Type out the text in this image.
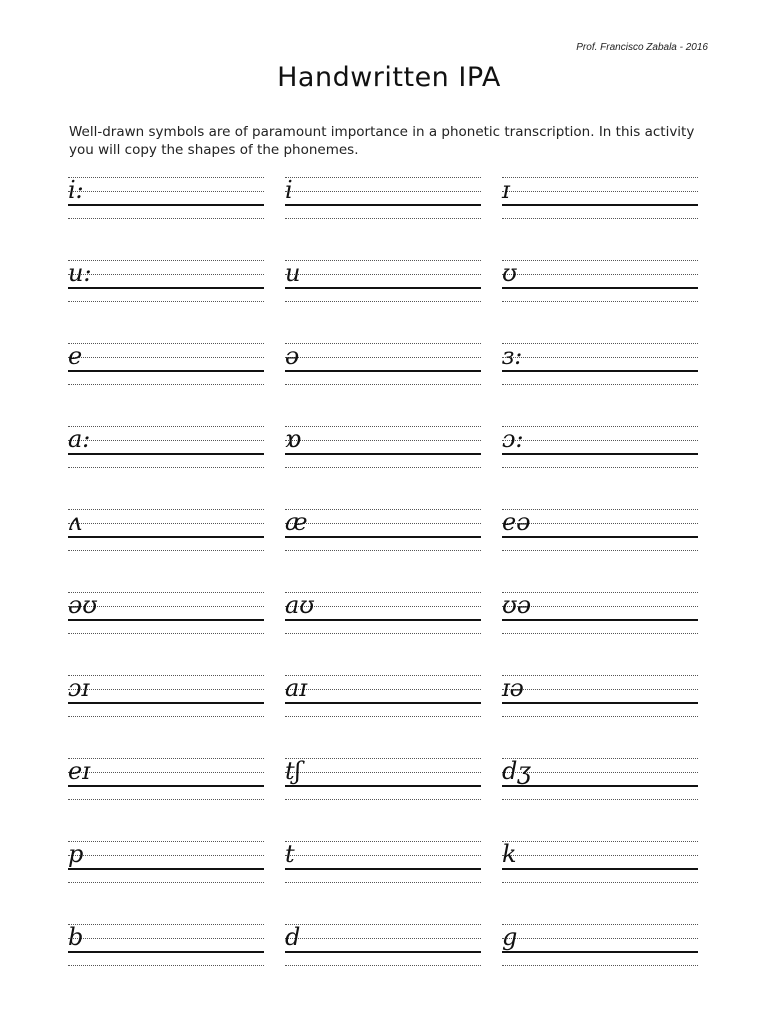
Prof. Francisco Zabala - 2016
Handwritten IPA
Well-drawn symbols are of paramount importance in a phonetic transcription. In this activity you will copy the shapes of the phonemes.
i:	i	ɪ
u:	u	ʊ
e	ə	ɜ:
a:	ɒ	ɔ:
ʌ	æ	eə
əʊ	aʊ	ʊə
ɔɪ	aɪ	ɪə
eɪ	tʃ	dʒ
p	t	k
b	d	g
